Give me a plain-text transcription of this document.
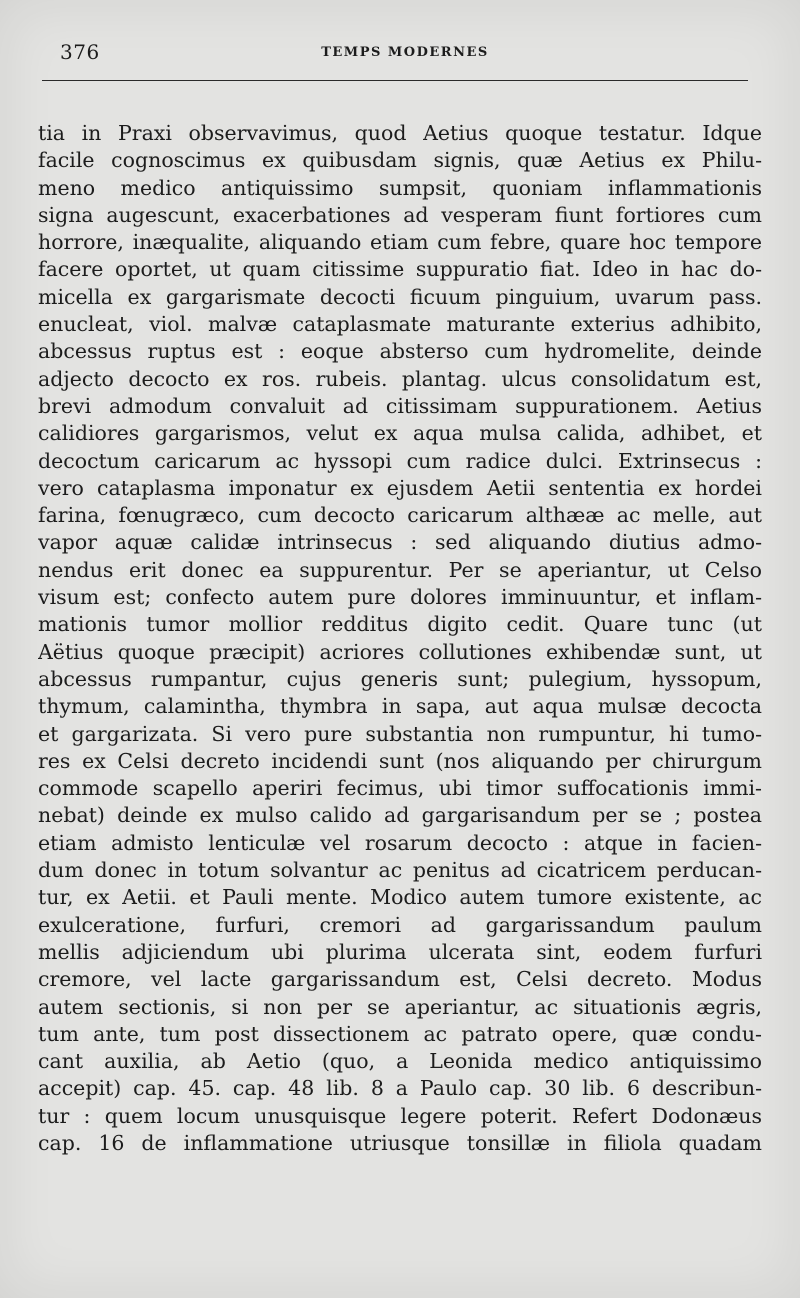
376	TEMPS MODERNES
tia in Praxi observavimus, quod Aetius quoque testatur. Idque
facile cognoscimus ex quibusdam signis, quæ Aetius ex Philu-
meno medico antiquissimo sumpsit, quoniam inflammationis
signa augescunt, exacerbationes ad vesperam fiunt fortiores cum
horrore, inæqualite, aliquando etiam cum febre, quare hoc tempore
facere oportet, ut quam citissime suppuratio fiat. Ideo in hac do-
micella ex gargarismate decocti ficuum pinguium, uvarum pass.
enucleat, viol. malvæ cataplasmate maturante exterius adhibito,
abcessus ruptus est : eoque absterso cum hydromelite, deinde
adjecto decocto ex ros. rubeis. plantag. ulcus consolidatum est,
brevi admodum convaluit ad citissimam suppurationem. Aetius
calidiores gargarismos, velut ex aqua mulsa calida, adhibet, et
decoctum caricarum ac hyssopi cum radice dulci. Extrinsecus :
vero cataplasma imponatur ex ejusdem Aetii sententia ex hordei
farina, fœnugræco, cum decocto caricarum althææ ac melle, aut
vapor aquæ calidæ intrinsecus : sed aliquando diutius admo-
nendus erit donec ea suppurentur. Per se aperiantur, ut Celso
visum est; confecto autem pure dolores imminuuntur, et inflam-
mationis tumor mollior redditus digito cedit. Quare tunc (ut
Aëtius quoque præcipit) acriores collutiones exhibendæ sunt, ut
abcessus rumpantur, cujus generis sunt; pulegium, hyssopum,
thymum, calamintha, thymbra in sapa, aut aqua mulsæ decocta
et gargarizata. Si vero pure substantia non rumpuntur, hi tumo-
res ex Celsi decreto incidendi sunt (nos aliquando per chirurgum
commode scapello aperiri fecimus, ubi timor suffocationis immi-
nebat) deinde ex mulso calido ad gargarisandum per se ; postea
etiam admisto lenticulæ vel rosarum decocto : atque in facien-
dum donec in totum solvantur ac penitus ad cicatricem perducan-
tur, ex Aetii. et Pauli mente. Modico autem tumore existente, ac
exulceratione, furfuri, cremori ad gargarissandum paulum
mellis adjiciendum ubi plurima ulcerata sint, eodem furfuri
cremore, vel lacte gargarissandum est, Celsi decreto. Modus
autem sectionis, si non per se aperiantur, ac situationis ægris,
tum ante, tum post dissectionem ac patrato opere, quæ condu-
cant auxilia, ab Aetio (quo, a Leonida medico antiquissimo
accepit) cap. 45. cap. 48 lib. 8 a Paulo cap. 30 lib. 6 describun-
tur : quem locum unusquisque legere poterit. Refert Dodonæus
cap. 16 de inflammatione utriusque tonsillæ in filiola quadam
